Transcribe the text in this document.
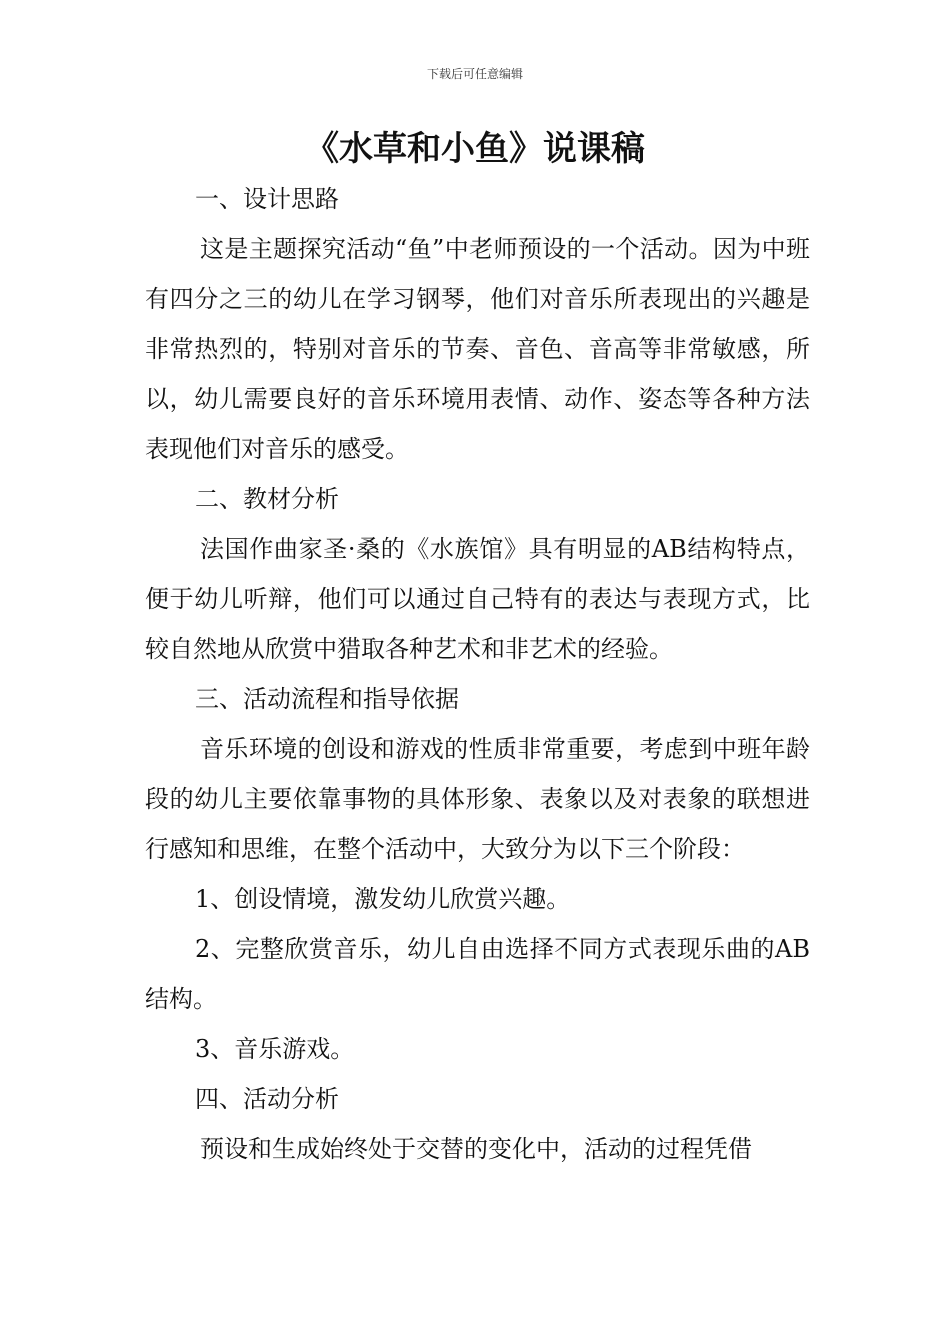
下载后可任意编辑
《水草和小鱼》说课稿

一、设计思路

这是主题探究活动“鱼”中老师预设的一个活动。因为中班有四分之三的幼儿在学习钢琴，他们对音乐所表现出的兴趣是非常热烈的，特别对音乐的节奏、音色、音高等非常敏感，所以，幼儿需要良好的音乐环境用表情、动作、姿态等各种方法表现他们对音乐的感受。

二、教材分析

法国作曲家圣·桑的《水族馆》具有明显的AB结构特点，便于幼儿听辩，他们可以通过自己特有的表达与表现方式，比较自然地从欣赏中猎取各种艺术和非艺术的经验。

三、活动流程和指导依据

音乐环境的创设和游戏的性质非常重要，考虑到中班年龄段的幼儿主要依靠事物的具体形象、表象以及对表象的联想进行感知和思维，在整个活动中，大致分为以下三个阶段：

1、创设情境，激发幼儿欣赏兴趣。

2、完整欣赏音乐，幼儿自由选择不同方式表现乐曲的AB结构。

3、音乐游戏。

四、活动分析

预设和生成始终处于交替的变化中，活动的过程凭借
